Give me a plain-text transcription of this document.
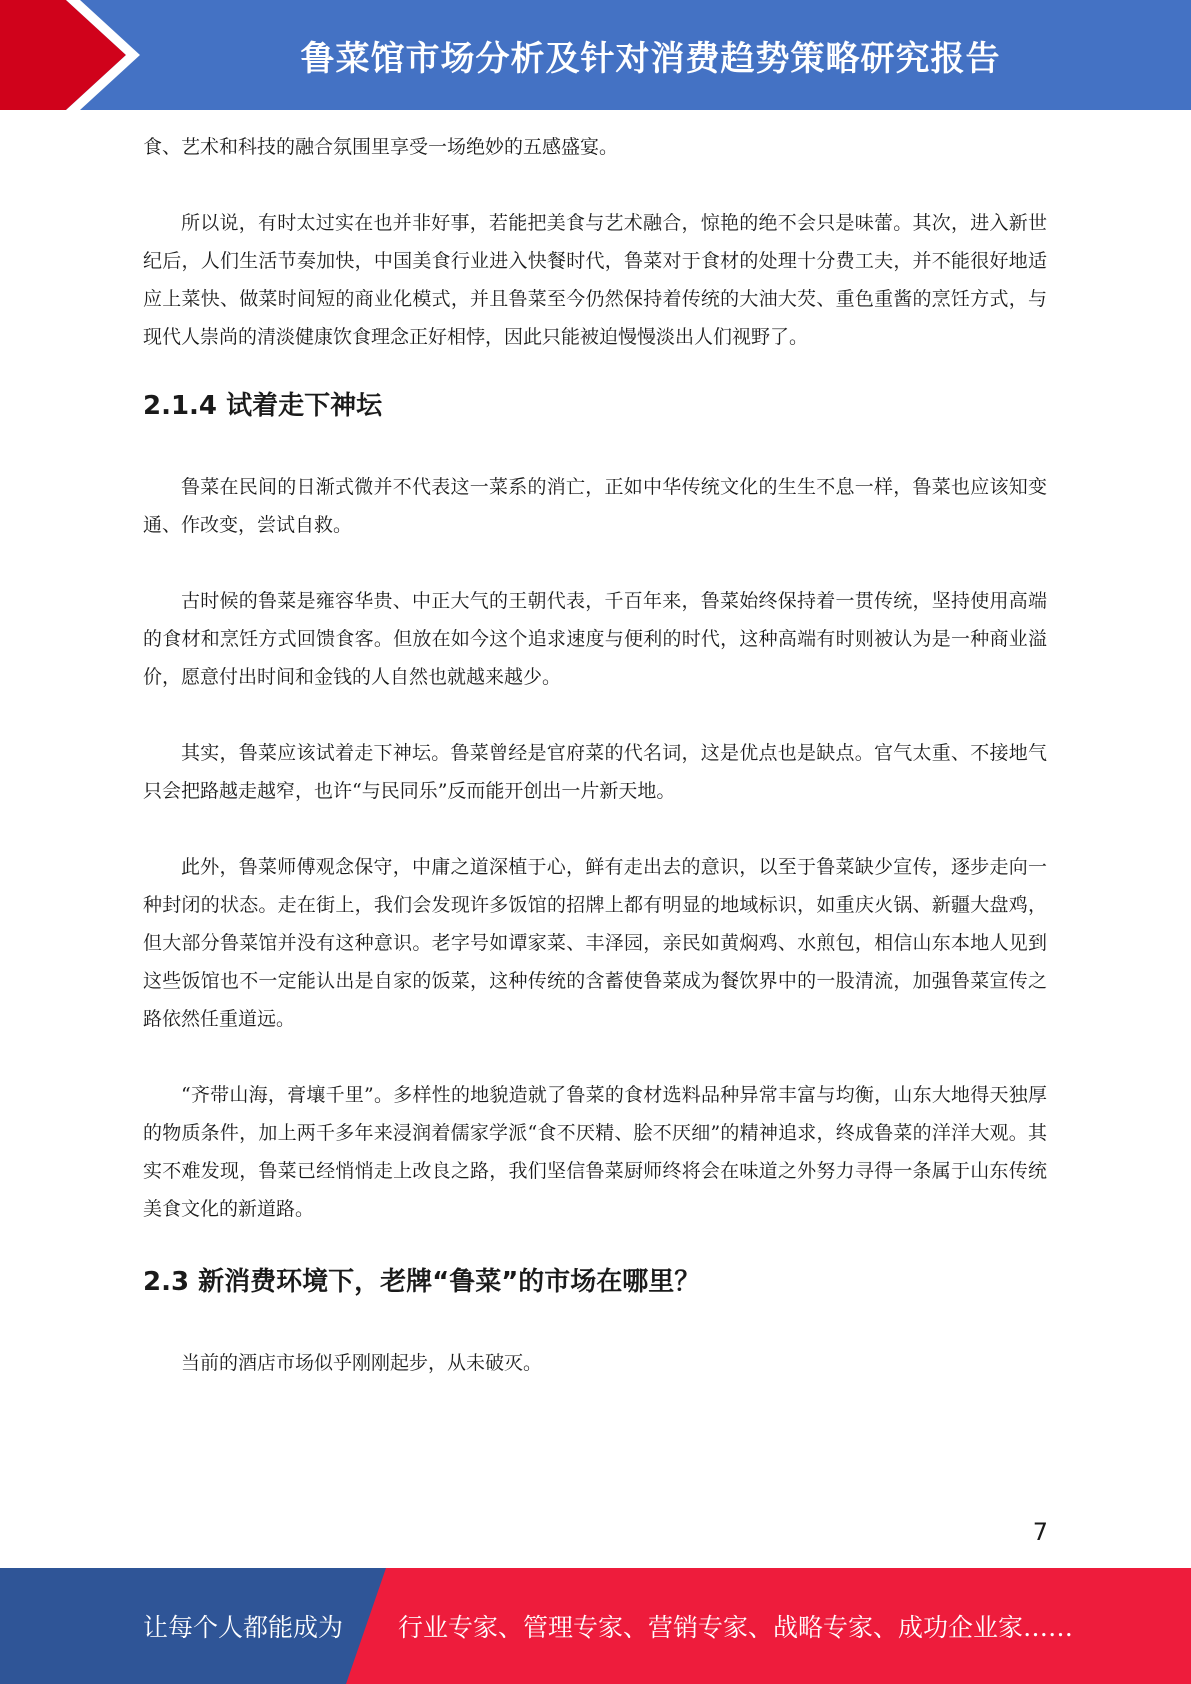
鲁菜馆市场分析及针对消费趋势策略研究报告

食、艺术和科技的融合氛围里享受一场绝妙的五感盛宴。

所以说，有时太过实在也并非好事，若能把美食与艺术融合，惊艳的绝不会只是味蕾。其次，进入新世纪后，人们生活节奏加快，中国美食行业进入快餐时代，鲁菜对于食材的处理十分费工夫，并不能很好地适应上菜快、做菜时间短的商业化模式，并且鲁菜至今仍然保持着传统的大油大芡、重色重酱的烹饪方式，与现代人崇尚的清淡健康饮食理念正好相悖，因此只能被迫慢慢淡出人们视野了。

2.1.4 试着走下神坛

鲁菜在民间的日渐式微并不代表这一菜系的消亡，正如中华传统文化的生生不息一样，鲁菜也应该知变通、作改变，尝试自救。

古时候的鲁菜是雍容华贵、中正大气的王朝代表，千百年来，鲁菜始终保持着一贯传统，坚持使用高端的食材和烹饪方式回馈食客。但放在如今这个追求速度与便利的时代，这种高端有时则被认为是一种商业溢价，愿意付出时间和金钱的人自然也就越来越少。

其实，鲁菜应该试着走下神坛。鲁菜曾经是官府菜的代名词，这是优点也是缺点。官气太重、不接地气只会把路越走越窄，也许“与民同乐”反而能开创出一片新天地。

此外，鲁菜师傅观念保守，中庸之道深植于心，鲜有走出去的意识，以至于鲁菜缺少宣传，逐步走向一种封闭的状态。走在街上，我们会发现许多饭馆的招牌上都有明显的地域标识，如重庆火锅、新疆大盘鸡，但大部分鲁菜馆并没有这种意识。老字号如谭家菜、丰泽园，亲民如黄焖鸡、水煎包，相信山东本地人见到这些饭馆也不一定能认出是自家的饭菜，这种传统的含蓄使鲁菜成为餐饮界中的一股清流，加强鲁菜宣传之路依然任重道远。

“齐带山海，膏壤千里”。多样性的地貌造就了鲁菜的食材选料品种异常丰富与均衡，山东大地得天独厚的物质条件，加上两千多年来浸润着儒家学派“食不厌精、脍不厌细”的精神追求，终成鲁菜的洋洋大观。其实不难发现，鲁菜已经悄悄走上改良之路，我们坚信鲁菜厨师终将会在味道之外努力寻得一条属于山东传统美食文化的新道路。

2.3 新消费环境下，老牌“鲁菜”的市场在哪里？

当前的酒店市场似乎刚刚起步，从未破灭。

7
让每个人都能成为 行业专家、管理专家、营销专家、战略专家、成功企业家……
